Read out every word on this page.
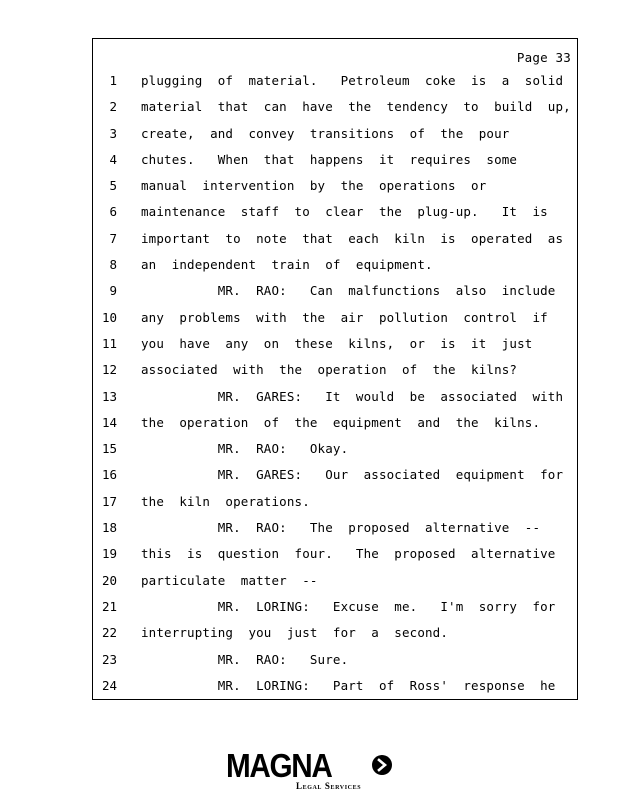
Page 33
1 plugging  of  material.   Petroleum  coke  is  a  solid
2 material  that  can  have  the  tendency  to  build  up,
3 create,  and  convey  transitions  of  the  pour
4 chutes.   When  that  happens  it  requires  some
5 manual  intervention  by  the  operations  or
6 maintenance  staff  to  clear  the  plug-up.   It  is
7 important  to  note  that  each  kiln  is  operated  as
8 an  independent  train  of  equipment.
9 MR.  RAO:   Can  malfunctions  also  include
10 any  problems  with  the  air  pollution  control  if
11 you  have  any  on  these  kilns,  or  is  it  just
12 associated  with  the  operation  of  the  kilns?
13 MR.  GARES:   It  would  be  associated  with
14 the  operation  of  the  equipment  and  the  kilns.
15 MR.  RAO:   Okay.
16 MR.  GARES:   Our  associated  equipment  for
17 the  kiln  operations.
18 MR.  RAO:   The  proposed  alternative  --
19 this  is  question  four.   The  proposed  alternative
20 particulate  matter  --
21 MR.  LORING:   Excuse  me.   I'm  sorry  for
22 interrupting  you  just  for  a  second.
23 MR.  RAO:   Sure.
24 MR.  LORING:   Part  of  Ross'  response  he
MAGNA
Legal Services
